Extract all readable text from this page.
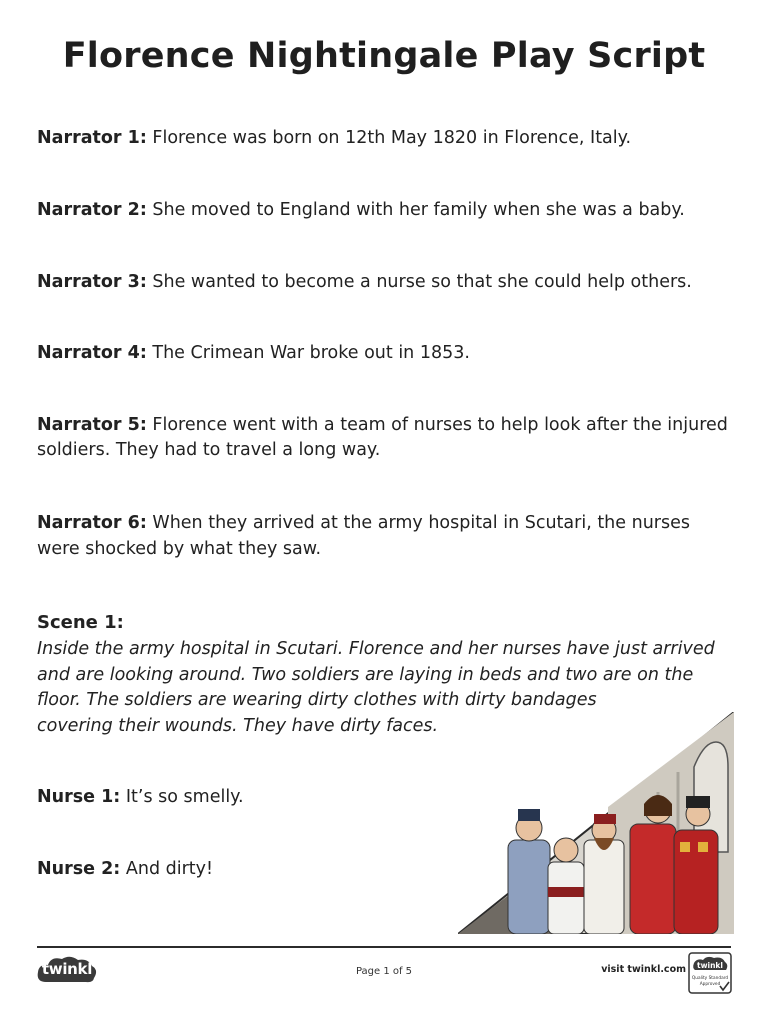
Florence Nightingale Play Script
Narrator 1: Florence was born on 12th May 1820 in Florence, Italy.
Narrator 2: She moved to England with her family when she was a baby.
Narrator 3: She wanted to become a nurse so that she could help others.
Narrator 4: The Crimean War broke out in 1853.
Narrator 5: Florence went with a team of nurses to help look after the injured
soldiers. They had to travel a long way.
Narrator 6: When they arrived at the army hospital in Scutari, the nurses
were shocked by what they saw.
Scene 1:
Inside the army hospital in Scutari. Florence and her nurses have just arrived
and are looking around. Two soldiers are laying in beds and two are on the
floor. The soldiers are wearing dirty clothes with dirty bandages
covering their wounds. They have dirty faces.
Nurse 1: It’s so smelly.
Nurse 2: And dirty!
twinkl	Page 1 of 5	visit twinkl.com twinkl
Quality Standard
Approved
